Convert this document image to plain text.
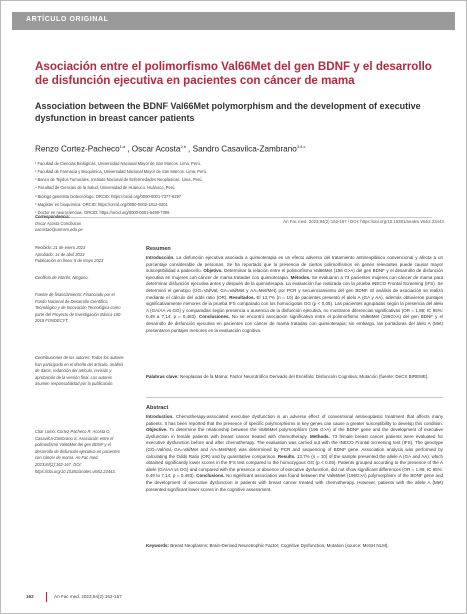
ARTÍCULO ORIGINAL
Asociación entre el polimorfismo Val66Met del gen BDNF y el desarrollo de disfunción ejecutiva en pacientes con cáncer de mama
Association between the BDNF Val66Met polymorphism and the development of executive dysfunction in breast cancer patients
Renzo Cortez-Pacheco$^{1,a}$ , Oscar Acosta$^{2,b}$ , Sandro Casavilca-Zambrano$^{3,4,c}$
¹ Facultad de Ciencias Biológicas, Universidad Nacional Mayor de San Marcos. Lima, Perú.
² Facultad de Farmacia y Bioquímica, Universidad Nacional Mayor de San Marcos. Lima, Perú.
³ Banco de Tejidos Tumorales, Instituto Nacional de Enfermedades Neoplásicas. Lima, Perú.
⁴ Facultad de Ciencias de la Salud, Universidad de Huánuco. Huánuco, Perú.
ᵃ Biólogo genetista biotecnólogo. ORCID: https://orcid.org/0000-0001-7377-6297
ᵇ Magíster en bioquímica. ORCID: https://orcid.org/0000-0002-1812-0201
ᶜ Doctor en neurociencias. ORCID: https://orcid.org/0000-0001-6498-7399
Correspondencia:
Oscar Acosta Conchucos
oacostac@unmsm.edu.pe
Recibido: 21 de enero 2023
Aprobado: 14 de abril 2023
Publicación en línea: 5 de mayo 2023
Conflicto de interés: Ninguno.
Fuente de financiamiento: Financiado por el Fondo Nacional de Desarrollo Científico, Tecnológico y de Innovación Tecnológica como parte del Proyecto de Investigación Básica 100-2018 FONDECYT.
Contribuciones de los autores: Todos los autores han participado en el diseño del artículo, análisis de datos, redacción del artículo, revisión y aprobación de la versión final. Los autores asumen responsabilidad por la publicación.
Citar como: Cortez-Pacheco R, Acosta O, Casavilca-Zambrano S. Asociación entre el polimorfismo Val66Met del gen BDNF y el desarrollo de disfunción ejecutiva en pacientes con cáncer de mama. An Fac med. 2023;84(2):162-167. DOI: https://doi.org/10.15381/anales.v84i2.23443.
An Fac med. 2023;84(2):162-167 / DOI: https://doi.org/10.15381/anales.v84i2.23443.
Resumen

Introducción. La disfunción ejecutiva asociada a quimioterapia es un efecto adverso del tratamiento antineoplásico convencional y afecta a un porcentaje considerable de personas. Se ha reportado que la presencia de ciertos polimorfismos en genes relevantes puede causar mayor susceptibilidad a padecerlo. Objetivo. Determinar la relación entre el polimorfismo Val66Met (196 G>A) del gen BDNF y el desarrollo de disfunción ejecutiva en mujeres con cáncer de mama tratadas con quimioterapia. Métodos. Se evaluaron a 73 pacientes mujeres con cáncer de mama para determinar disfunción ejecutiva antes y después de la quimioterapia. La evaluación fue realizada con la prueba INECO Frontal Screening (IFS). Se determinó el genotipo (GG=Val/Val, GA=Val/Met y AA=Met/Met) por PCR y secuenciamiento del gen BDNF. El análisis de asociación se realizó mediante el cálculo del odds ratio (OR). Resultados. El 13,7% (n = 10) de pacientes presentó el alelo A (GA y AA), además obtuvieron puntajes significativamente menores de la prueba IFS comparado con los homocigotas GG (p < 0,05). Las pacientes agrupadas según la presencia del alelo A (GA/AA vs GG) y comparadas según presencia o ausencia de la disfunción ejecutiva, no mostraron diferencias significativas (OR = 1,86; IC 95%: 0,49 a 7,14; p = 0,483). Conclusiones. No se encontró asociación significativa entre el polimorfismo Val66Met (196G>A) del gen BDNF y el desarrollo de disfunción ejecutiva en pacientes con cáncer de mama tratadas con quimioterapia; sin embargo, las portadoras del alelo A (Met) presentaron puntajes menores en la evaluación cognitiva.

Palabras clave: Neoplasias de la Mama; Factor Neurotrófico Derivado del Encéfalo; Disfunción Cognitiva; Mutación (fuente: DeCS BIREME).

Abstract

Introduction. Chemotherapy-associated executive dysfunction is an adverse effect of conventional antineoplastic treatment that affects many patients. It has been reported that the presence of specific polymorphisms in key genes can cause a greater susceptibility to develop this condition. Objective. To determine the relationship between the Val66Met polymorphism (196 G>A) of the BDNF gene and the development of executive dysfunction in female patients with breast cancer treated with chemotherapy. Methods. 73 female breast cancer patients were evaluated for executive dysfunction before and after chemotherapy. The evaluation was carried out with the INECO Frontal Screening test (IFS). The genotype (GG=Val/Val, GA=Val/Met and AA=Met/Met) was determined by PCR and sequencing of BDNF gene. Association analysis was performed by calculating the Odds Ratio (OR) and by quantitative comparison. Results. 13.7% (n = 10) of the sample presented the allele A (GA and AA), which obtained significantly lower scores in the IFS test compared to the homozygous GG (p < 0.05). Patients grouped according to the presence of the A allele (GA/AA vs GG) and compared with the presence or absence of executive dysfunction, did not show significant differences (OR = 1.86; IC 95%: 0.49 to 7.14; p = 0.483). Conclusions. No significant association was found between the Val66Met (196G>A) polymorphism of the BDNF gene and the development of executive dysfunction in patients with breast cancer treated with chemotherapy. However, patients with the allele A (Met) presented significant lower scores in the cognitive assessment.

Keywords: Breast Neoplasms; Brain-Derived Neurotrophic Factor; Cognitive Dysfunction, Mutation (source: MeSH NLM).

162	An Fac med. 2023;84(2):162-167
